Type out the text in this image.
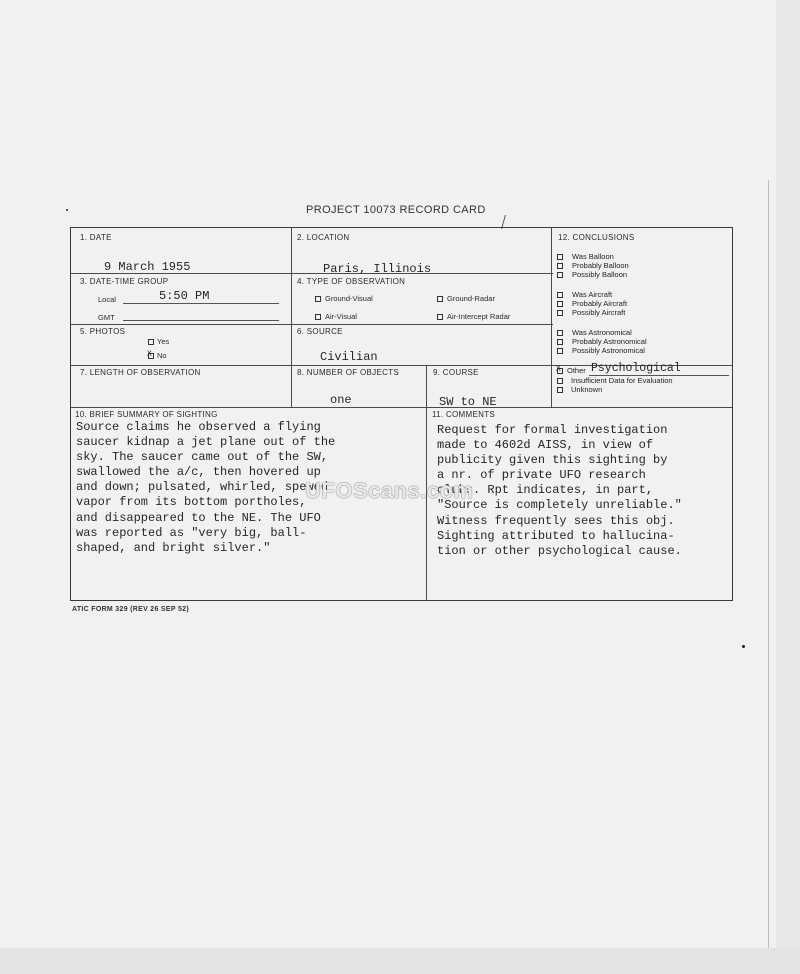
PROJECT 10073 RECORD CARD
1. DATE
9 March 1955
2. LOCATION
Paris, Illinois
3. DATE-TIME GROUP
Local	5:50 PM
GMT
4. TYPE OF OBSERVATION
Ground-Visual	Ground-Radar
Air-Visual	Air-Intercept Radar
5. PHOTOS
Yes
X No
6. SOURCE
Civilian
7. LENGTH OF OBSERVATION	8. NUMBER OF OBJECTS
one
9. COURSE
SW to NE
12. CONCLUSIONS
Was Balloon
Probably Balloon
Possibly Balloon
Was Aircraft
Probably Aircraft
Possibly Aircraft
Was Astronomical
Probably Astronomical
Possibly Astronomical
X Other Psychological
Insufficient Data for Evaluation
Unknown
10. BRIEF SUMMARY OF SIGHTING
Source claims he observed a flying
saucer kidnap a jet plane out of the
sky. The saucer came out of the SW,
swallowed the a/c, then hovered up
and down; pulsated, whirled, spewed
vapor from its bottom portholes,
and disappeared to the NE. The UFO
was reported as "very big, ball-
shaped, and bright silver."
11. COMMENTS
Request for formal investigation
made to 4602d AISS, in view of
publicity given this sighting by
a nr. of private UFO research
clubs. Rpt indicates, in part,
"Source is completely unreliable."
Witness frequently sees this obj.
Sighting attributed to hallucina-
tion or other psychological cause.
UFOScans.com
ATIC FORM 329 (REV 26 SEP 52)
